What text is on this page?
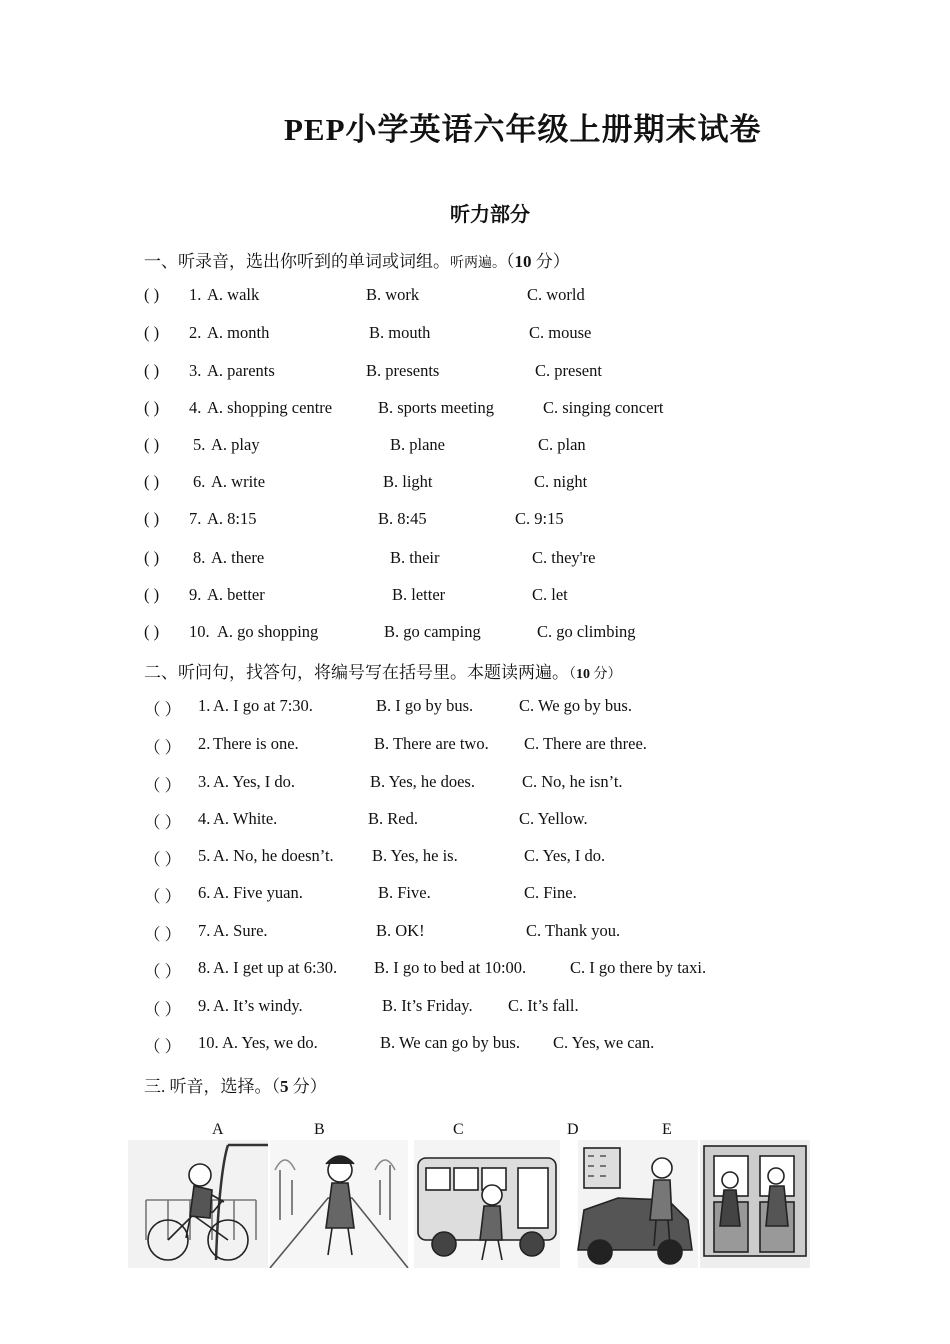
PEP小学英语六年级上册期末试卷
听力部分
一、听录音，选出你听到的单词或词组。听两遍。（10 分）
( ) 1. A. walk	B. work	C. world
( ) 2. A. month	B. mouth	C. mouse
( ) 3. A. parents	B. presents	C. present
( ) 4. A. shopping centre	B. sports meeting	C. singing concert
( ) 5. A. play	B. plane	C. plan
( ) 6. A. write	B. light	C. night
( ) 7. A. 8:15	B. 8:45	C. 9:15
( ) 8. A. there	B. their	C. they're
( ) 9. A. better	B. letter	C. let
( ) 10. A. go shopping	B. go camping	C. go climbing
二、听问句，找答句，将编号写在括号里。本题读两遍。（10 分）
（ ） 1. A. I go at 7:30.	B. I go by bus.	C. We go by bus.
（ ） 2. There is one.	B. There are two. C. There are three.
（ ） 3. A. Yes, I do.	B. Yes, he does.	C. No, he isn’t.
（ ） 4. A. White.	B. Red.	C. Yellow.
（ ） 5. A. No, he doesn’t. B. Yes, he is.	C. Yes, I do.
（ ） 6. A. Five yuan.	B. Five.	C. Fine.
（ ） 7. A. Sure.	B. OK!	C. Thank you.
（ ） 8. A. I get up at 6:30. B. I go to bed at 10:00.	C. I go there by taxi.
（ ） 9. A. It’s windy.	B. It’s Friday. C. It’s fall.
（ ） 10. A. Yes, we do.	B. We can go by bus. C. Yes, we can.
三. 听音，选择。（5 分）
A	B	C	D	E
